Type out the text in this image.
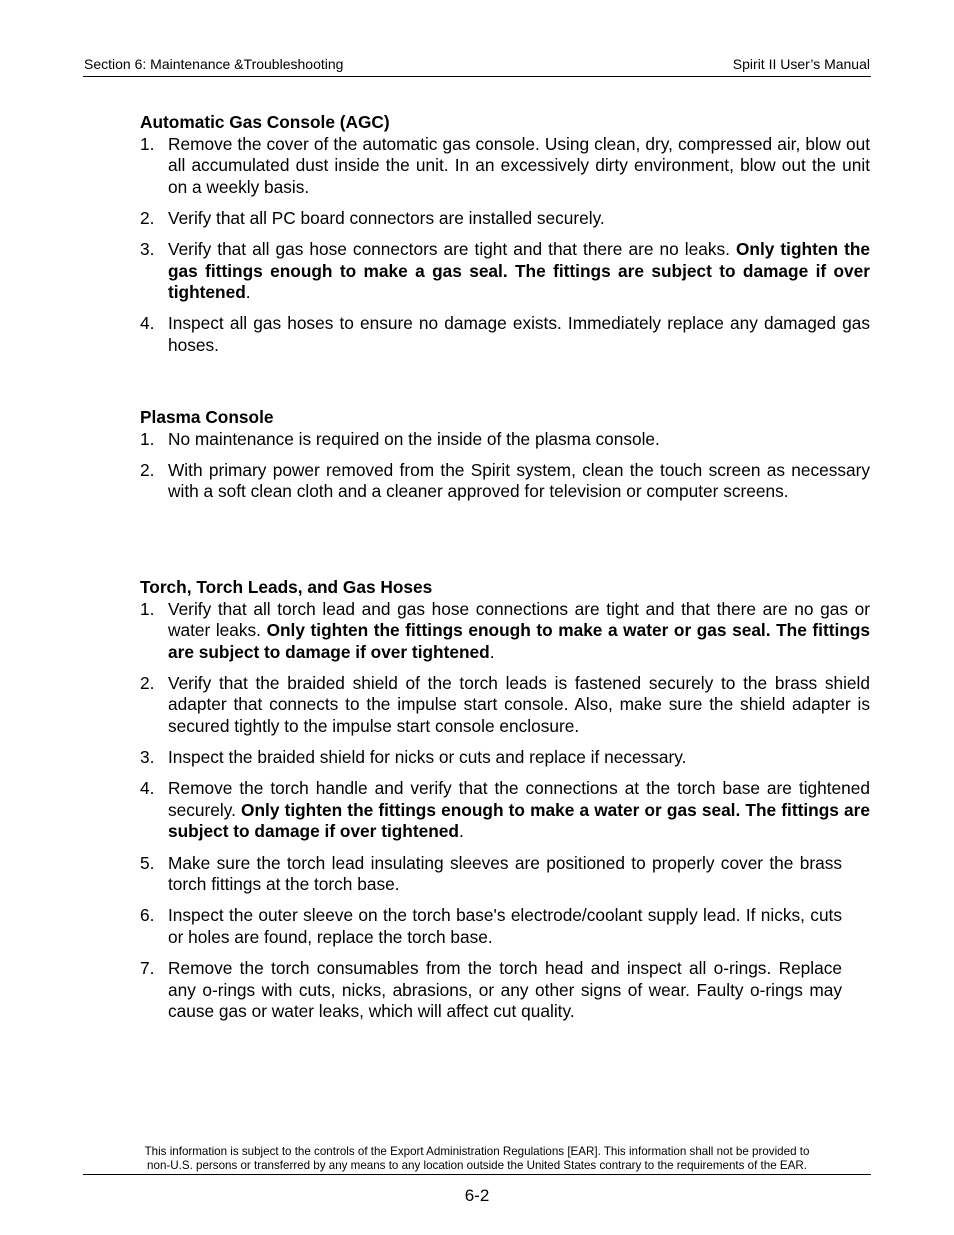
Section 6: Maintenance &Troubleshooting	Spirit II User’s Manual
Automatic Gas Console (AGC)
1. Remove the cover of the automatic gas console. Using clean, dry, compressed air, blow out all accumulated dust inside the unit. In an excessively dirty environment, blow out the unit on a weekly basis.
2. Verify that all PC board connectors are installed securely.
3. Verify that all gas hose connectors are tight and that there are no leaks. Only tighten the gas fittings enough to make a gas seal. The fittings are subject to damage if over tightened.
4. Inspect all gas hoses to ensure no damage exists. Immediately replace any damaged gas hoses.
Plasma Console
1. No maintenance is required on the inside of the plasma console.
2. With primary power removed from the Spirit system, clean the touch screen as necessary with a soft clean cloth and a cleaner approved for television or computer screens.
Torch, Torch Leads, and Gas Hoses
1. Verify that all torch lead and gas hose connections are tight and that there are no gas or water leaks. Only tighten the fittings enough to make a water or gas seal. The fittings are subject to damage if over tightened.
2. Verify that the braided shield of the torch leads is fastened securely to the brass shield adapter that connects to the impulse start console. Also, make sure the shield adapter is secured tightly to the impulse start console enclosure.
3. Inspect the braided shield for nicks or cuts and replace if necessary.
4. Remove the torch handle and verify that the connections at the torch base are tightened securely. Only tighten the fittings enough to make a water or gas seal. The fittings are subject to damage if over tightened.
5. Make sure the torch lead insulating sleeves are positioned to properly cover the brass torch fittings at the torch base.
6. Inspect the outer sleeve on the torch base's electrode/coolant supply lead. If nicks, cuts or holes are found, replace the torch base.
7. Remove the torch consumables from the torch head and inspect all o-rings. Replace any o-rings with cuts, nicks, abrasions, or any other signs of wear. Faulty o-rings may cause gas or water leaks, which will affect cut quality.
This information is subject to the controls of the Export Administration Regulations [EAR]. This information shall not be provided to
non-U.S. persons or transferred by any means to any location outside the United States contrary to the requirements of the EAR.
6-2
